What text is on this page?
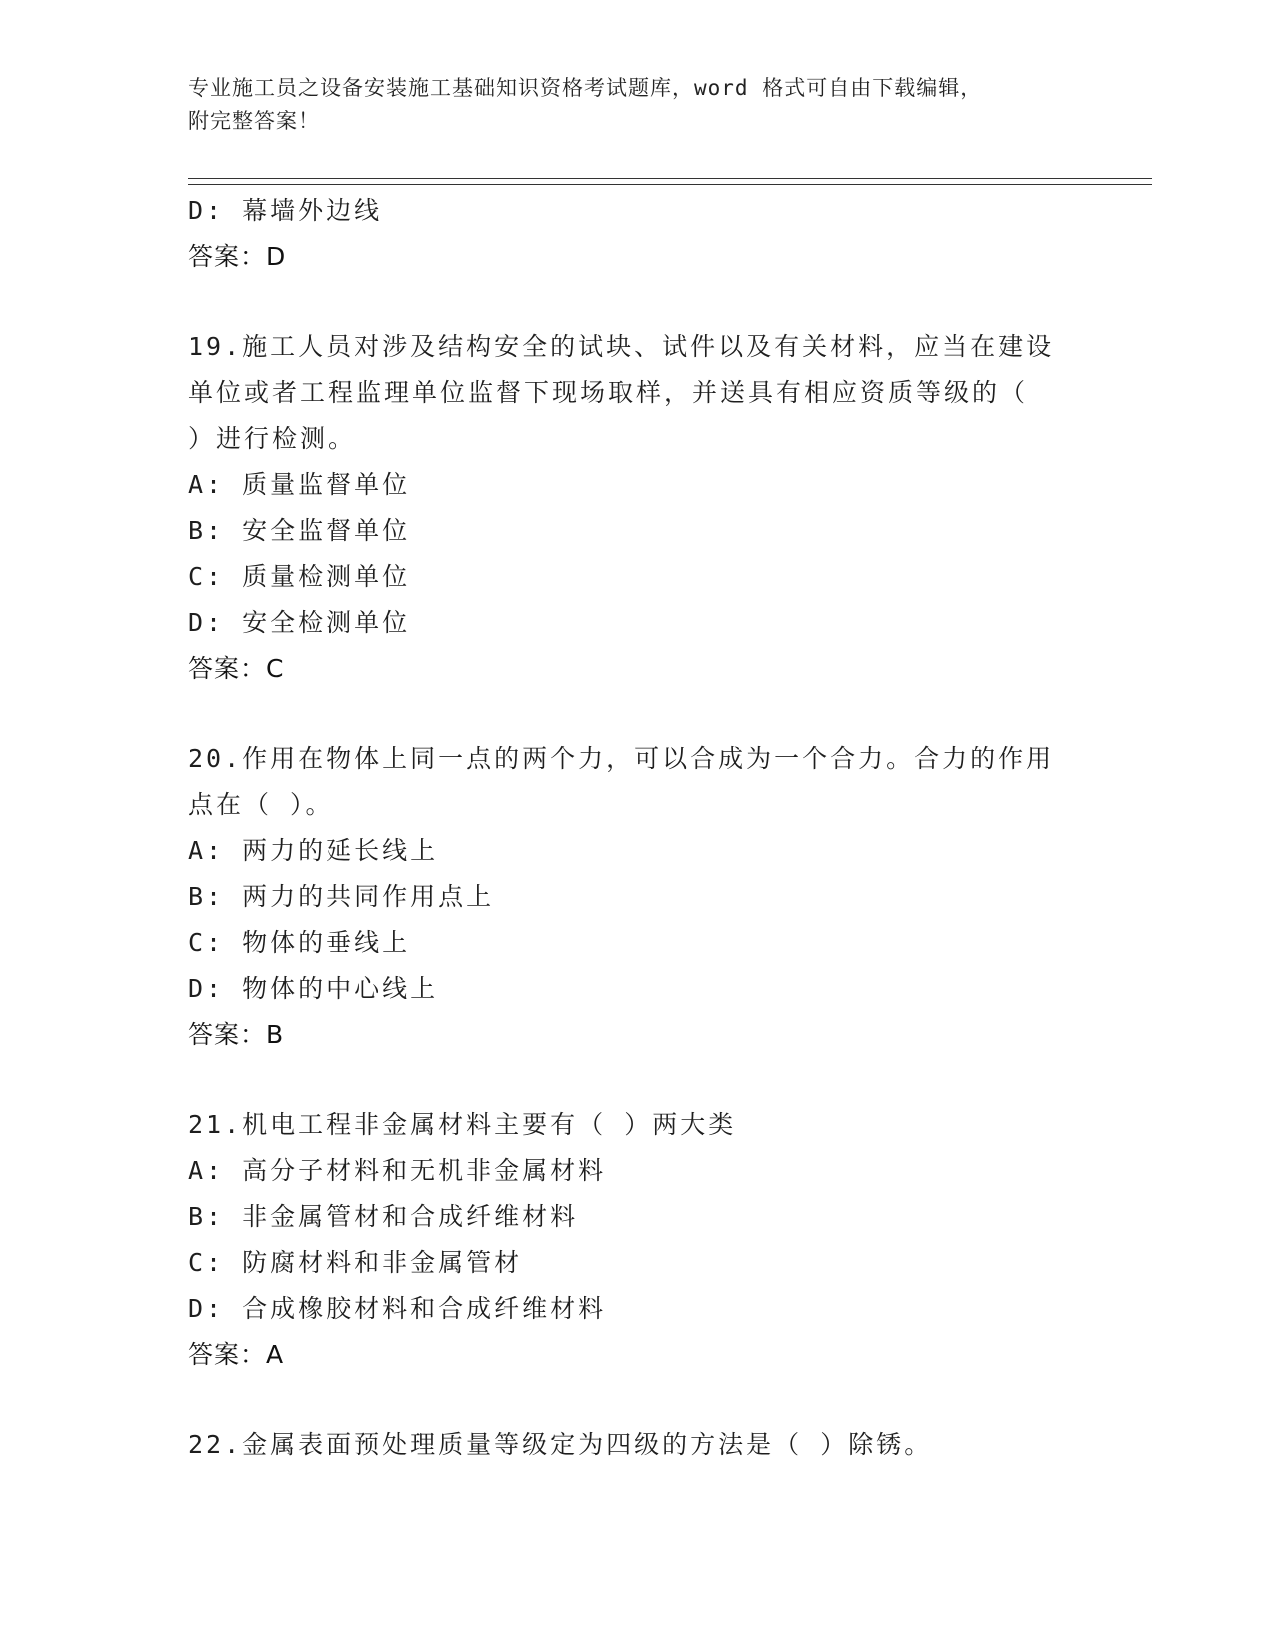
专业施工员之设备安装施工基础知识资格考试题库，word 格式可自由下载编辑，
附完整答案！
D: 幕墙外边线
答案：D
19.施工人员对涉及结构安全的试块、试件以及有关材料，应当在建设
单位或者工程监理单位监督下现场取样，并送具有相应资质等级的（
）进行检测。
A: 质量监督单位
B: 安全监督单位
C: 质量检测单位
D: 安全检测单位
答案：C
20.作用在物体上同一点的两个力，可以合成为一个合力。合力的作用
点在（ ）。
A: 两力的延长线上
B: 两力的共同作用点上
C: 物体的垂线上
D: 物体的中心线上
答案：B
21.机电工程非金属材料主要有（ ）两大类
A: 高分子材料和无机非金属材料
B: 非金属管材和合成纤维材料
C: 防腐材料和非金属管材
D: 合成橡胶材料和合成纤维材料
答案：A
22.金属表面预处理质量等级定为四级的方法是（ ）除锈。
